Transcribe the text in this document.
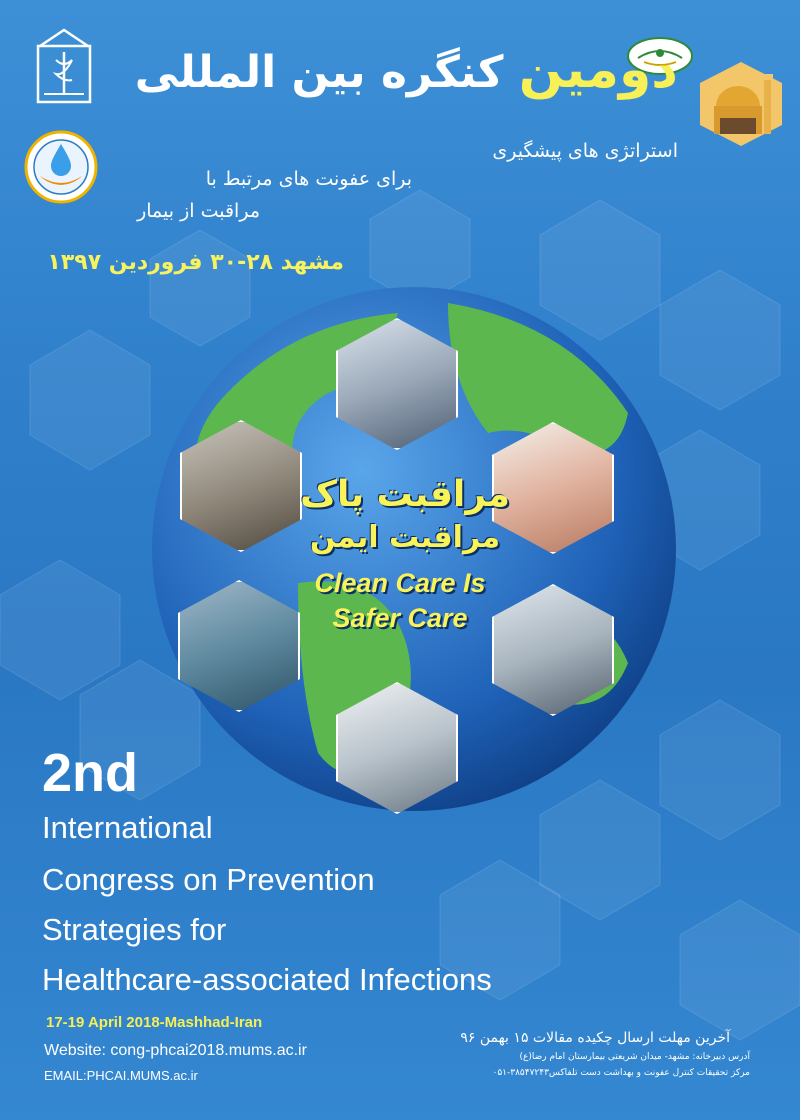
دومین کنگره بین المللی
استراتژی های پیشگیری
برای عفونت های مرتبط با
مراقبت از بیمار
مشهد ۲۸-۳۰ فروردین ۱۳۹۷
مراقبت پاک
مراقبت ایمن
Clean Care Is
Safer Care
2nd
International
Congress on Prevention
Strategies for
Healthcare-associated Infections
17-19 April 2018-Mashhad-Iran
Website: cong-phcai2018.mums.ac.ir
EMAIL:PHCAI.MUMS.ac.ir
آخرین مهلت ارسال چکیده مقالات ۱۵ بهمن ۹۶
آدرس دبیرخانه: مشهد- میدان شریعتی بیمارستان امام رضا(ع)
مرکز تحقیقات کنترل عفونت و بهداشت دست تلفاکس۳۸۵۴۷۲۴۳-۰۵۱
